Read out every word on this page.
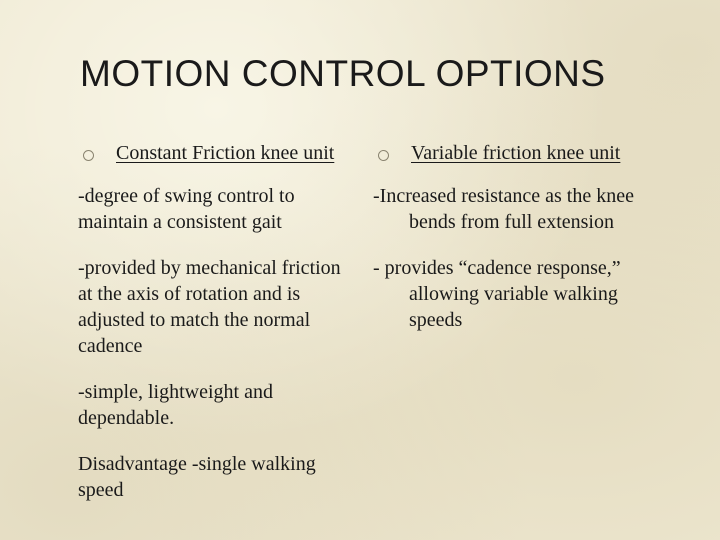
MOTION CONTROL OPTIONS
Constant Friction knee unit

-degree of swing control to maintain a consistent gait

-provided by mechanical friction at the axis of rotation and is adjusted to match the normal cadence

-simple, lightweight and dependable.

Disadvantage -single walking speed

Variable friction knee unit

-Increased resistance as the knee bends from full extension

- provides “cadence response,” allowing variable walking speeds
